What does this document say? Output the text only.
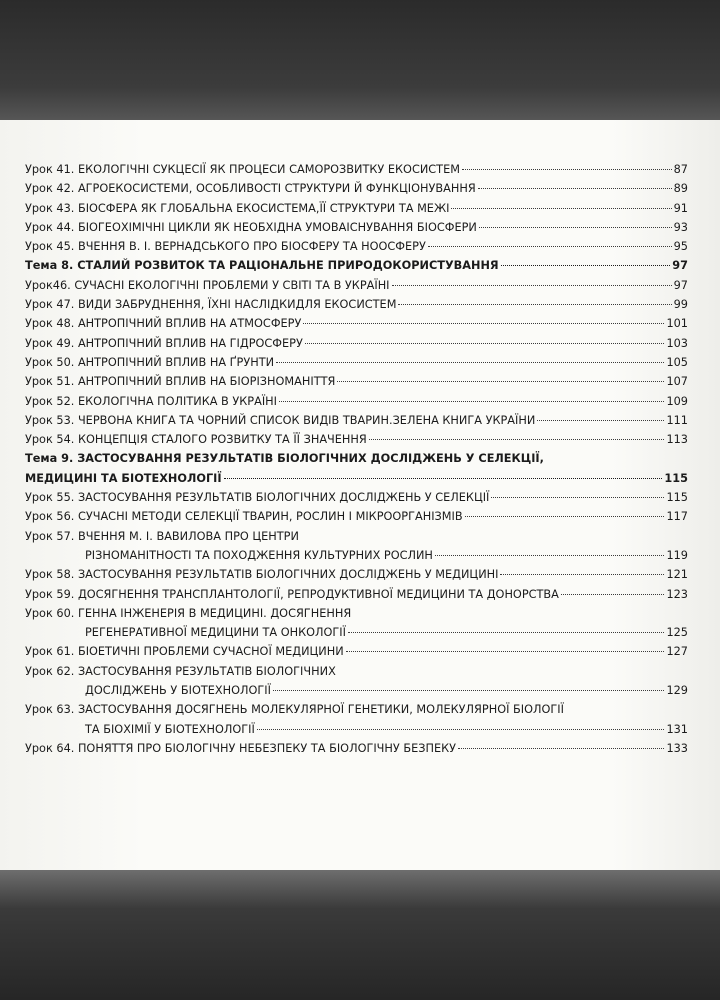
Урок 41. ЕКОЛОГІЧНІ СУКЦЕСІЇ ЯК ПРОЦЕСИ САМОРОЗВИТКУ ЕКОСИСТЕМ	87
Урок 42. АГРОЕКОСИСТЕМИ, ОСОБЛИВОСТІ СТРУКТУРИ Й ФУНКЦІОНУВАННЯ	89
Урок 43. БІОСФЕРА ЯК ГЛОБАЛЬНА ЕКОСИСТЕМА,ЇЇ СТРУКТУРИ ТА МЕЖІ	91
Урок 44. БІОГЕОХІМІЧНІ ЦИКЛИ ЯК НЕОБХІДНА УМОВАІСНУВАННЯ БІОСФЕРИ	93
Урок 45. ВЧЕННЯ В. І. ВЕРНАДСЬКОГО ПРО БІОСФЕРУ ТА НООСФЕРУ	95
Тема 8. СТАЛИЙ РОЗВИТОК ТА РАЦІОНАЛЬНЕ ПРИРОДОКОРИСТУВАННЯ	97
Урок46. СУЧАСНІ ЕКОЛОГІЧНІ ПРОБЛЕМИ У СВІТІ ТА В УКРАЇНІ	97
Урок 47. ВИДИ ЗАБРУДНЕННЯ, ЇХНІ НАСЛІДКИДЛЯ ЕКОСИСТЕМ	99
Урок 48. АНТРОПІЧНИЙ ВПЛИВ НА АТМОСФЕРУ	101
Урок 49. АНТРОПІЧНИЙ ВПЛИВ НА ГІДРОСФЕРУ	103
Урок 50. АНТРОПІЧНИЙ ВПЛИВ НА ҐРУНТИ	105
Урок 51. АНТРОПІЧНИЙ ВПЛИВ НА БІОРІЗНОМАНІТТЯ	107
Урок 52. ЕКОЛОГІЧНА ПОЛІТИКА В УКРАЇНІ	109
Урок 53. ЧЕРВОНА КНИГА ТА ЧОРНИЙ СПИСОК ВИДІВ ТВАРИН.ЗЕЛЕНА КНИГА УКРАЇНИ	111
Урок 54. КОНЦЕПЦІЯ СТАЛОГО РОЗВИТКУ ТА ЇЇ ЗНАЧЕННЯ	113
Тема 9. ЗАСТОСУВАННЯ РЕЗУЛЬТАТІВ БІОЛОГІЧНИХ ДОСЛІДЖЕНЬ У СЕЛЕКЦІЇ,
МЕДИЦИНІ ТА БІОТЕХНОЛОГІЇ	115
Урок 55. ЗАСТОСУВАННЯ РЕЗУЛЬТАТІВ БІОЛОГІЧНИХ ДОСЛІДЖЕНЬ У СЕЛЕКЦІЇ	115
Урок 56. СУЧАСНІ МЕТОДИ СЕЛЕКЦІЇ ТВАРИН, РОСЛИН І МІКРООРГАНІЗМІВ	117
Урок 57. ВЧЕННЯ М. І. ВАВИЛОВА ПРО ЦЕНТРИ
РІЗНОМАНІТНОСТІ ТА ПОХОДЖЕННЯ КУЛЬТУРНИХ РОСЛИН	119
Урок 58. ЗАСТОСУВАННЯ РЕЗУЛЬТАТІВ БІОЛОГІЧНИХ ДОСЛІДЖЕНЬ У МЕДИЦИНІ	121
Урок 59. ДОСЯГНЕННЯ ТРАНСПЛАНТОЛОГІЇ, РЕПРОДУКТИВНОЇ МЕДИЦИНИ ТА ДОНОРСТВА	123
Урок 60. ГЕННА ІНЖЕНЕРІЯ В МЕДИЦИНІ. ДОСЯГНЕННЯ
РЕГЕНЕРАТИВНОЇ МЕДИЦИНИ ТА ОНКОЛОГІЇ	125
Урок 61. БІОЕТИЧНІ ПРОБЛЕМИ СУЧАСНОЇ МЕДИЦИНИ	127
Урок 62. ЗАСТОСУВАННЯ РЕЗУЛЬТАТІВ БІОЛОГІЧНИХ
ДОСЛІДЖЕНЬ У БІОТЕХНОЛОГІЇ	129
Урок 63. ЗАСТОСУВАННЯ ДОСЯГНЕНЬ МОЛЕКУЛЯРНОЇ ГЕНЕТИКИ, МОЛЕКУЛЯРНОЇ БІОЛОГІЇ
ТА БІОХІМІЇ У БІОТЕХНОЛОГІЇ	131
Урок 64. ПОНЯТТЯ ПРО БІОЛОГІЧНУ НЕБЕЗПЕКУ ТА БІОЛОГІЧНУ БЕЗПЕКУ	133
